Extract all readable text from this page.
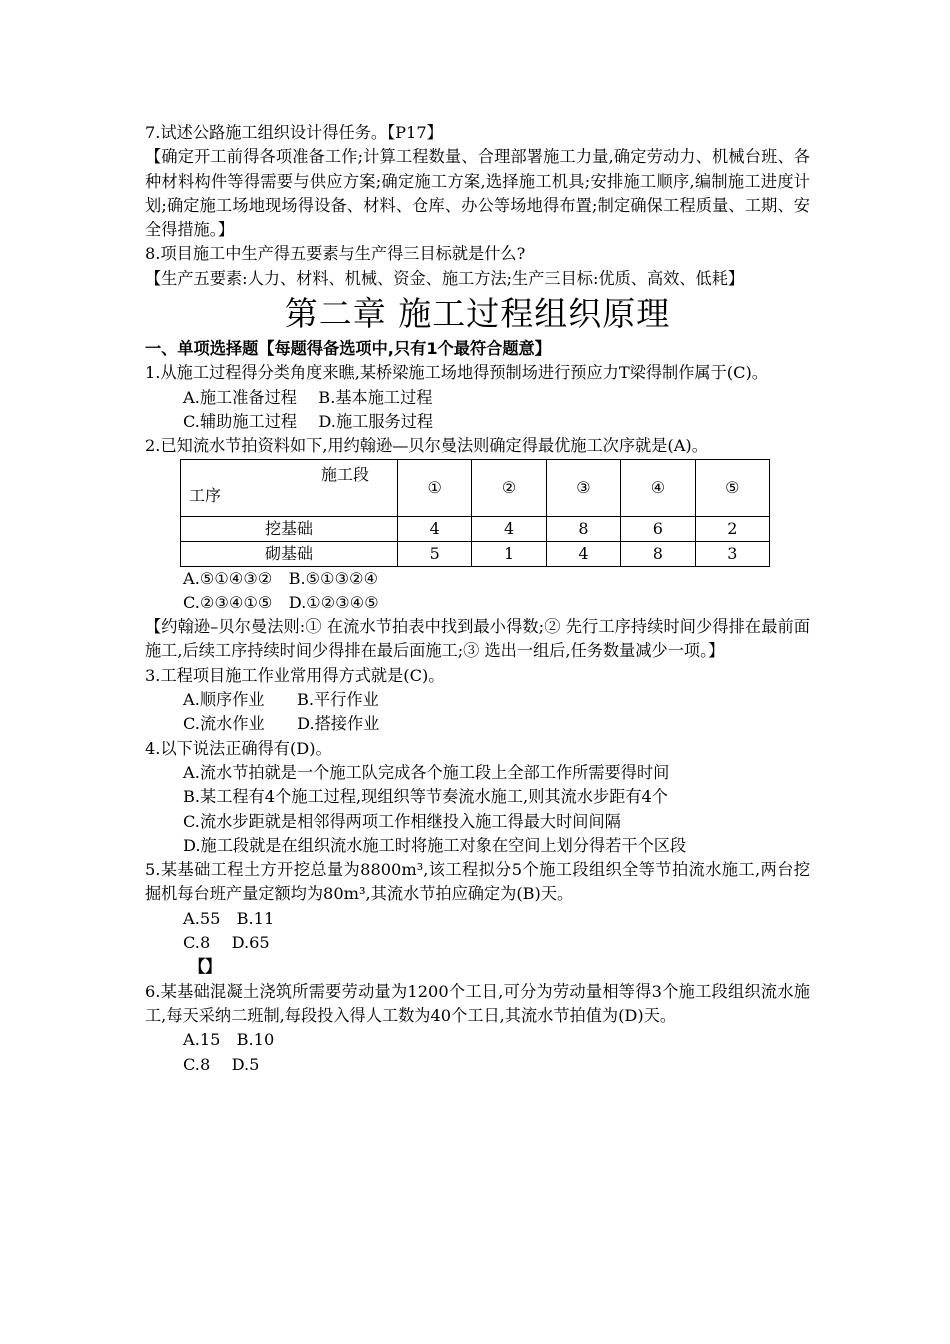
7.试述公路施工组织设计得任务。【P17】

【确定开工前得各项准备工作;计算工程数量、合理部署施工力量,确定劳动力、机械台班、各种材料构件等得需要与供应方案;确定施工方案,选择施工机具;安排施工顺序,编制施工进度计划;确定施工场地现场得设备、材料、仓库、办公等场地得布置;制定确保工程质量、工期、安全得措施。】

8.项目施工中生产得五要素与生产得三目标就是什么?

【生产五要素:人力、材料、机械、资金、施工方法;生产三目标:优质、高效、低耗】

第二章 施工过程组织原理

一、单项选择题【每题得备选项中,只有1个最符合题意】

1.从施工过程得分类角度来瞧,某桥梁施工场地得预制场进行预应力T梁得制作属于(C)。

A.施工准备过程　 B.基本施工过程

C.辅助施工过程　 D.施工服务过程

2.已知流水节拍资料如下,用约翰逊—贝尔曼法则确定得最优施工次序就是(A)。

施工段
工序	①	②	③	④	⑤
挖基础	4	4	8	6	2
砌基础	5	1	4	8	3

A.⑤①④③②　B.⑤①③②④

C.②③④①⑤　D.①②③④⑤

【约翰逊–贝尔曼法则:① 在流水节拍表中找到最小得数;② 先行工序持续时间少得排在最前面施工,后续工序持续时间少得排在最后面施工;③ 选出一组后,任务数量减少一项。】

3.工程项目施工作业常用得方式就是(C)。

A.顺序作业　　B.平行作业

C.流水作业　　D.搭接作业

4.以下说法正确得有(D)。

A.流水节拍就是一个施工队完成各个施工段上全部工作所需要得时间

B.某工程有4个施工过程,现组织等节奏流水施工,则其流水步距有4个

C.流水步距就是相邻得两项工作相继投入施工得最大时间间隔

D.施工段就是在组织流水施工时将施工对象在空间上划分得若干个区段

5.某基础工程土方开挖总量为8800m³,该工程拟分5个施工段组织全等节拍流水施工,两台挖掘机每台班产量定额均为80m³,其流水节拍应确定为(B)天。

A.55　B.11

C.8　 D.65

【】

6.某基础混凝土浇筑所需要劳动量为1200个工日,可分为劳动量相等得3个施工段组织流水施工,每天采纳二班制,每段投入得人工数为40个工日,其流水节拍值为(D)天。

A.15　B.10

C.8　 D.5
